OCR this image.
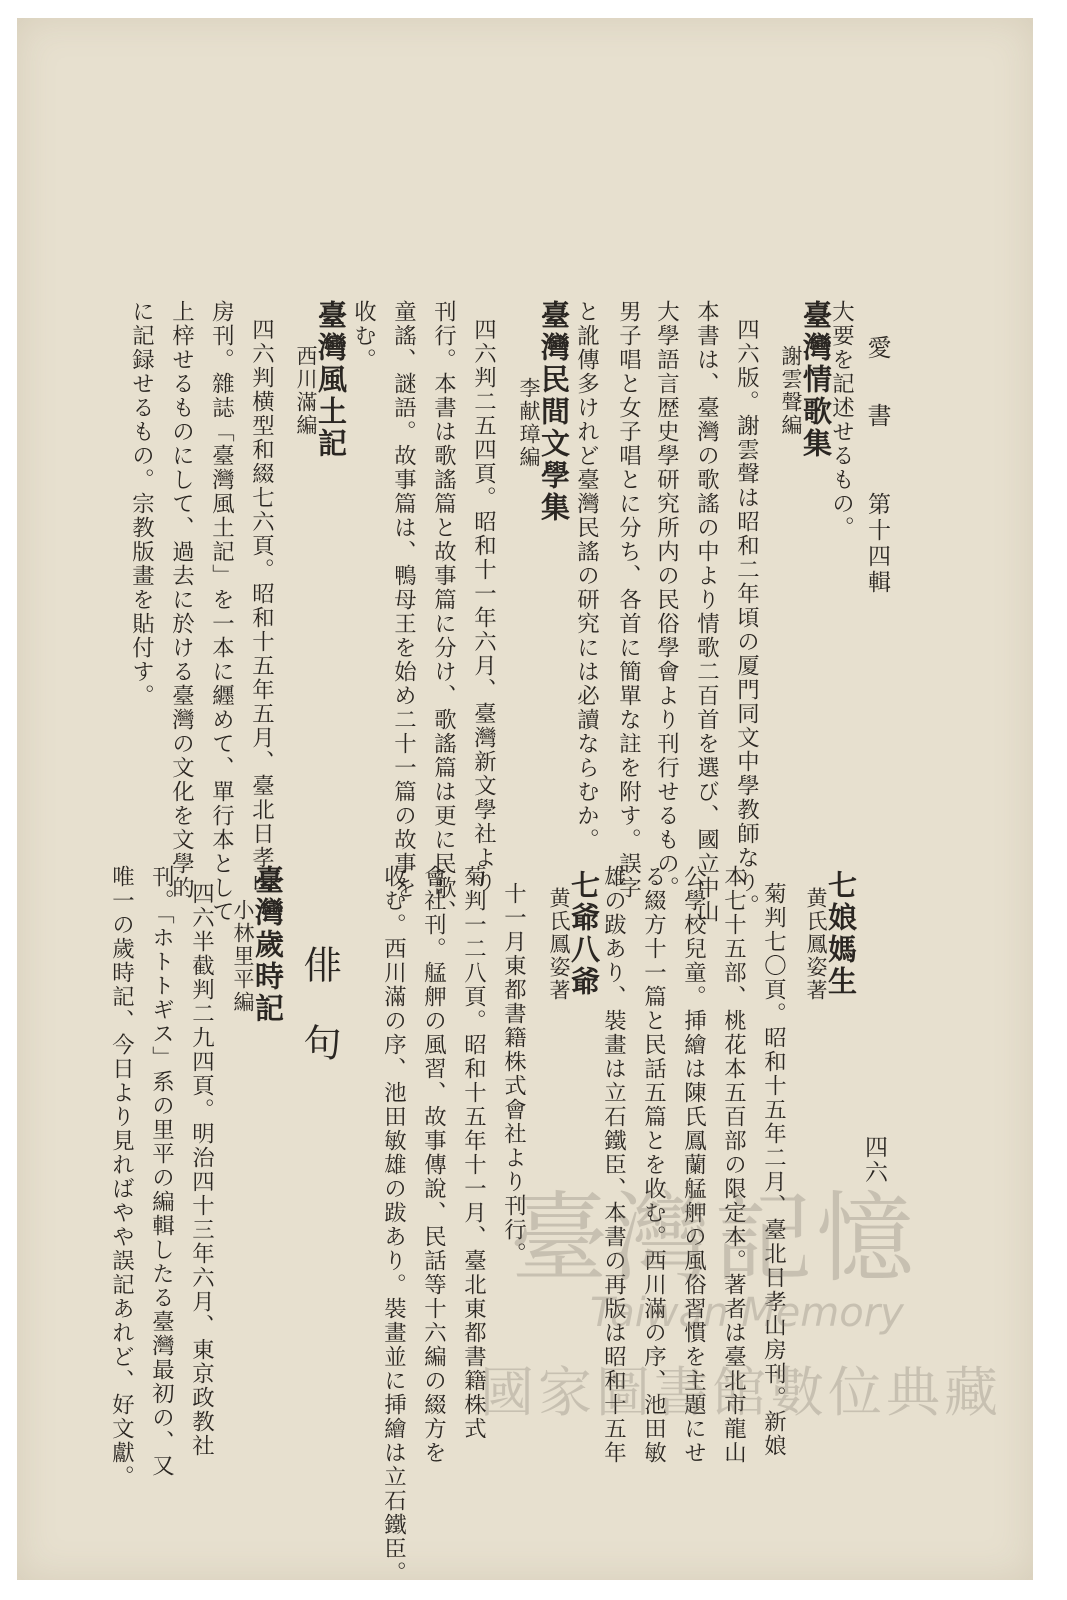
愛 書
第十四輯
四六
大要を記述せるもの。
臺灣情歌集
謝雲聲編
四六版。謝雲聲は昭和二年頃の厦門同文中學教師なり。
本書は、臺灣の歌謠の中より情歌二百首を選び、國立中山
大學語言歴史學研究所内の民俗學會より刊行せるもの。
男子唱と女子唱とに分ち、各首に簡單な註を附す。誤字
と訛傳多けれど臺灣民謠の研究には必讀ならむか。
臺灣民間文學集
李献璋編
四六判二五四頁。昭和十一年六月、臺灣新文學社より
刊行。本書は歌謠篇と故事篇に分け、歌謠篇は更に民歌、
童謠、謎語。故事篇は、鴨母王を始め二十一篇の故事を
收む。
臺灣風土記
西川滿編
四六判横型和綴七六頁。昭和十五年五月、臺北日孝山
房刊。雜誌「臺灣風土記」を一本に纒めて、單行本として
上梓せるものにして、過去に於ける臺灣の文化を文學的
に記録せるもの。宗教版畫を貼付す。
七娘媽生
黄氏鳳姿著
菊判七〇頁。昭和十五年二月、臺北日孝山房刊。新娘
本七十五部、桃花本五百部の限定本。著者は臺北市龍山
公學校兒童。挿繪は陳氏鳳蘭艋舺の風俗習慣を主題にせ
る綴方十一篇と民話五篇とを收む。西川滿の序、池田敏
雄の跋あり、裝畫は立石鐵臣、本書の再版は昭和十五年
七爺八爺
黄氏鳳姿著
十一月東都書籍株式會社より刊行。
菊判一二八頁。昭和十五年十一月、臺北東都書籍株式
會社刊。艋舺の風習、故事傳說、民話等十六編の綴方を
收む。西川滿の序、池田敏雄の跋あり。裝畫並に挿繪は立石鐵臣。
俳句
臺灣歲時記
小林里平編
四六半截判二九四頁。明治四十三年六月、東京政教社
刊。「ホトトギス」系の里平の編輯したる臺灣最初の、又
唯一の歲時記、今日より見ればやや誤記あれど、好文獻。	臺灣記憶
Taiwan Memory
國家圖書館數位典藏
